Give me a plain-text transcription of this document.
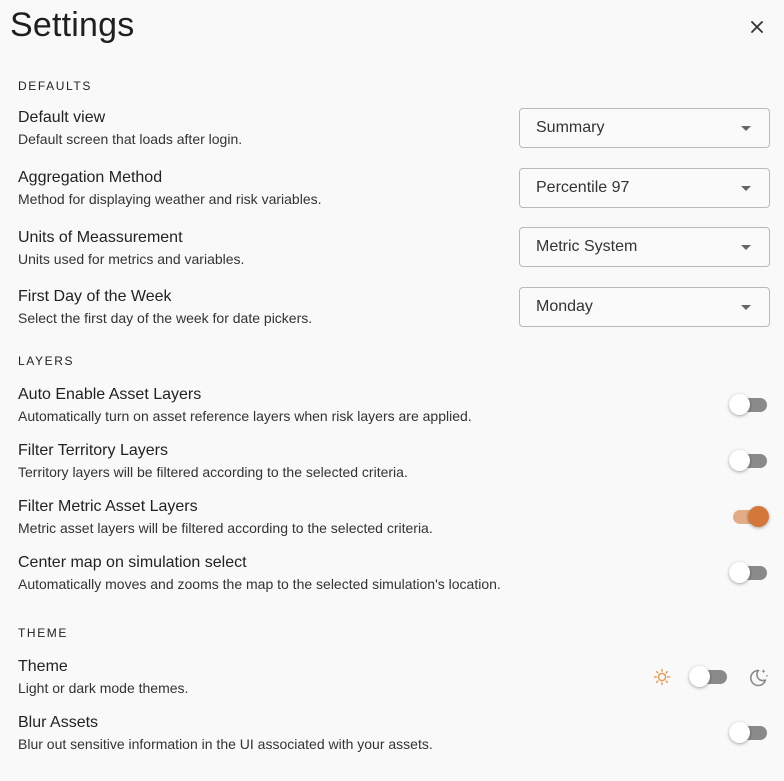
Settings
DEFAULTS
Default view
Default screen that loads after login.
Summary
Aggregation Method
Method for displaying weather and risk variables.
Percentile 97
Units of Meassurement
Units used for metrics and variables.
Metric System
First Day of the Week
Select the first day of the week for date pickers.
Monday
LAYERS
Auto Enable Asset Layers
Automatically turn on asset reference layers when risk layers are applied.
Filter Territory Layers
Territory layers will be filtered according to the selected criteria.
Filter Metric Asset Layers
Metric asset layers will be filtered according to the selected criteria.
Center map on simulation select
Automatically moves and zooms the map to the selected simulation's location.
THEME
Theme
Light or dark mode themes.
Blur Assets
Blur out sensitive information in the UI associated with your assets.
